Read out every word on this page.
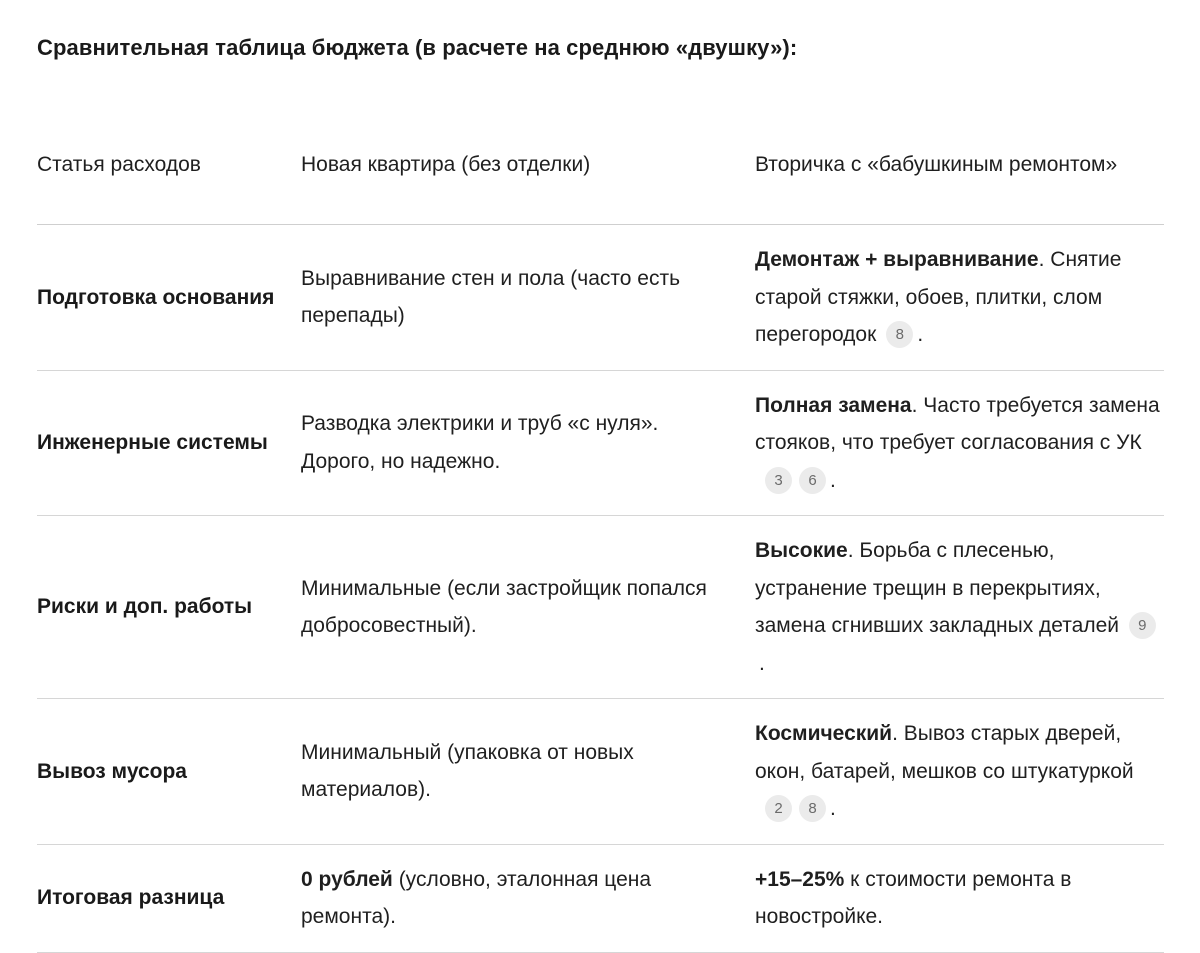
Сравнительная таблица бюджета (в расчете на среднюю «двушку»):
Статья расходов	Новая квартира (без отделки)	Вторичка с «бабушкиным ремонтом»
Подготовка основания	Выравнивание стен и пола (часто есть перепады)	Демонтаж + выравнивание. Снятие старой стяжки, обоев, плитки, слом перегородок 8 .
Инженерные системы	Разводка электрики и труб «с нуля». Дорого, но надежно.	Полная замена. Часто требуется замена стояков, что требует согласования с УК3 6 .
Риски и доп. работы	Минимальные (если застройщик попался добросовестный).	Высокие. Борьба с плесенью, устранение трещин в перекрытиях, замена сгнивших закладных деталей 9.
Вывоз мусора	Минимальный (упаковка от новых материалов).	Космический. Вывоз старых дверей, окон, батарей, мешков со штукатуркой2 8 .
Итоговая разница	0 рублей (условно, эталонная цена ремонта).	+15–25% к стоимости ремонта в новостройке.
